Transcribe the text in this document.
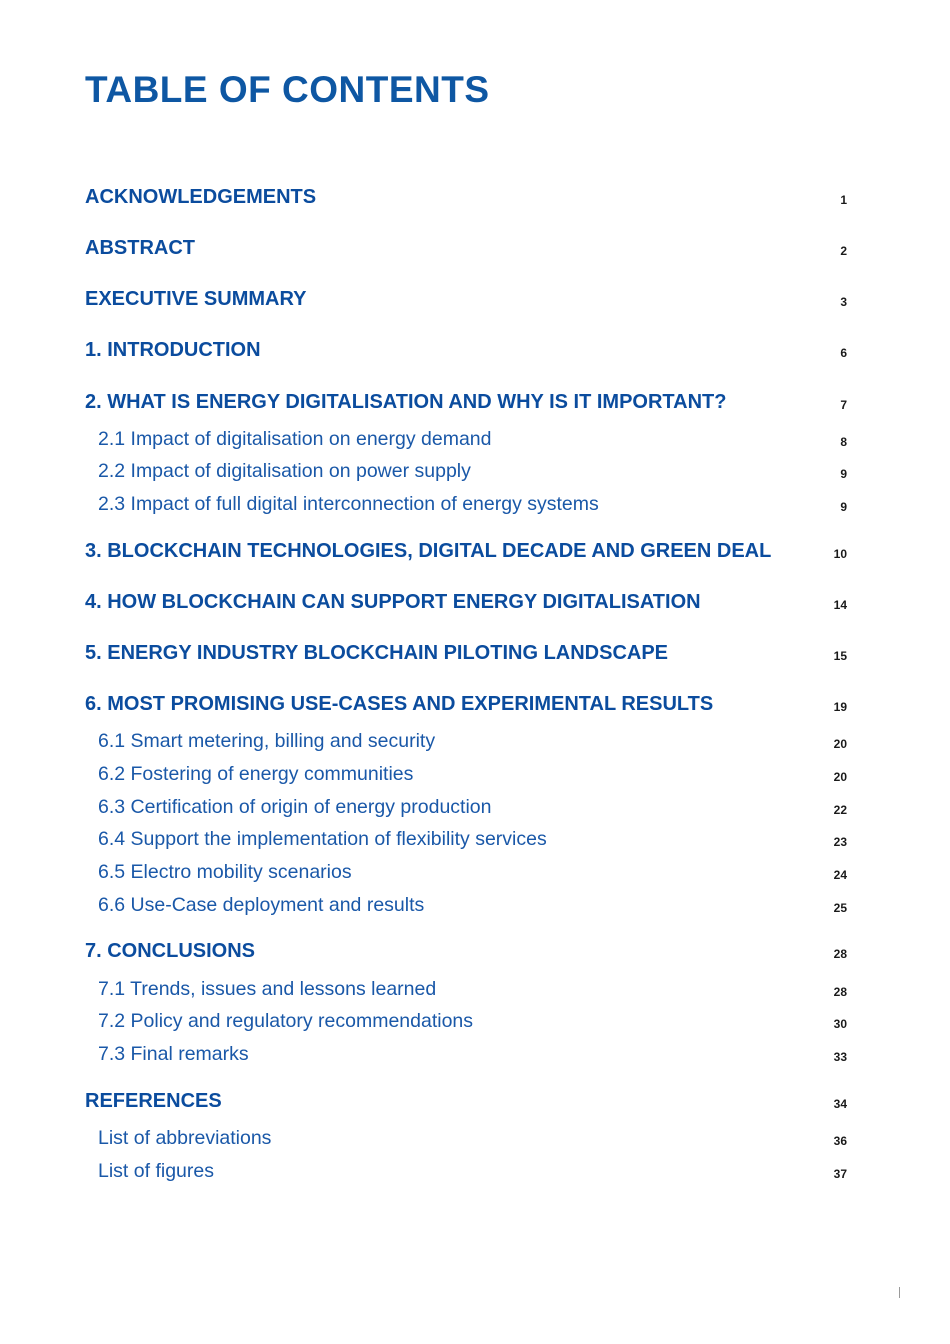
TABLE OF CONTENTS
ACKNOWLEDGEMENTS	1
ABSTRACT	2
EXECUTIVE SUMMARY	3
1. INTRODUCTION	6
2. WHAT IS ENERGY DIGITALISATION AND WHY IS IT IMPORTANT?	7
2.1 Impact of digitalisation on energy demand	8
2.2 Impact of digitalisation on power supply	9
2.3 Impact of full digital interconnection of energy systems	9
3. BLOCKCHAIN TECHNOLOGIES, DIGITAL DECADE AND GREEN DEAL	10
4. HOW BLOCKCHAIN CAN SUPPORT ENERGY DIGITALISATION	14
5. ENERGY INDUSTRY BLOCKCHAIN PILOTING LANDSCAPE	15
6. MOST PROMISING USE-CASES AND EXPERIMENTAL RESULTS	19
6.1 Smart metering, billing and security	20
6.2 Fostering of energy communities	20
6.3 Certification of origin of energy production	22
6.4 Support the implementation of flexibility services	23
6.5 Electro mobility scenarios	24
6.6 Use-Case deployment and results	25
7. CONCLUSIONS	28
7.1 Trends, issues and lessons learned	28
7.2 Policy and regulatory recommendations	30
7.3 Final remarks	33
REFERENCES	34
List of abbreviations	36
List of figures	37
